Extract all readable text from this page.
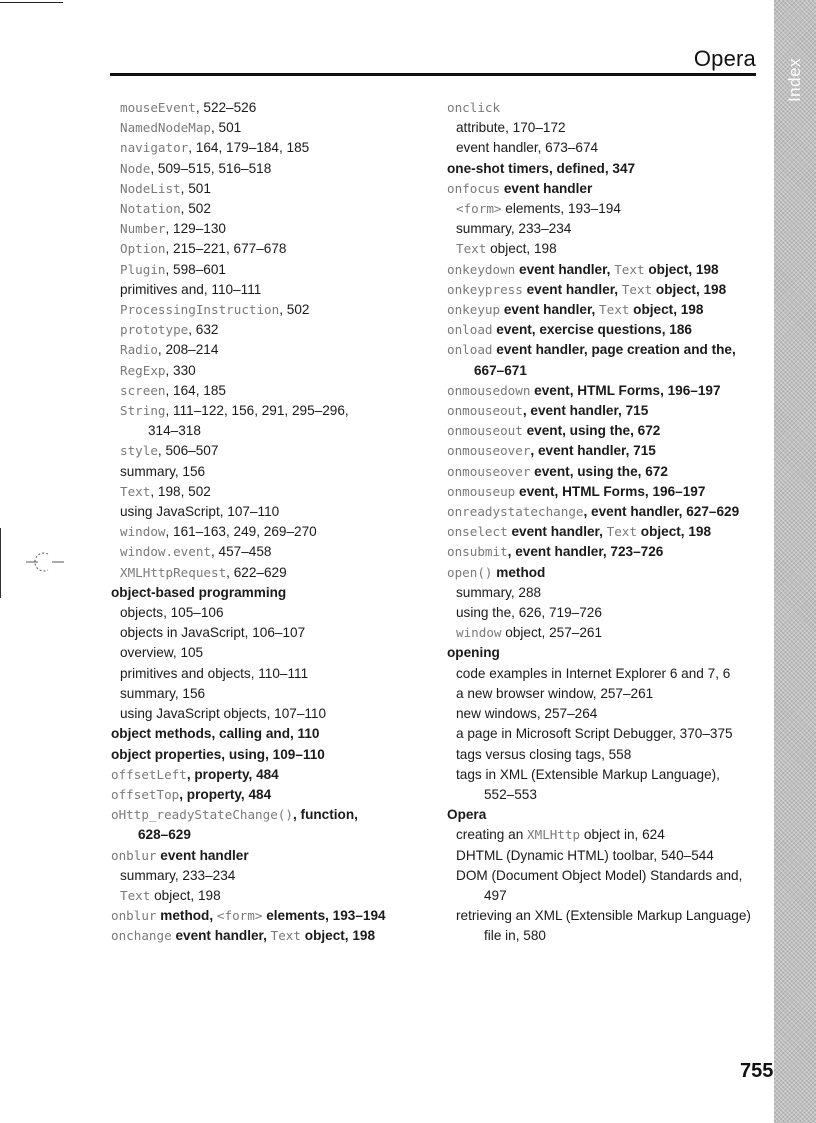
Index
Opera
mouseEvent, 522–526
NamedNodeMap, 501
navigator, 164, 179–184, 185
Node, 509–515, 516–518
NodeList, 501
Notation, 502
Number, 129–130
Option, 215–221, 677–678
Plugin, 598–601
primitives and, 110–111
ProcessingInstruction, 502
prototype, 632
Radio, 208–214
RegExp, 330
screen, 164, 185
String, 111–122, 156, 291, 295–296,
314–318
style, 506–507
summary, 156
Text, 198, 502
using JavaScript, 107–110
window, 161–163, 249, 269–270
window.event, 457–458
XMLHttpRequest, 622–629
object-based programming
objects, 105–106
objects in JavaScript, 106–107
overview, 105
primitives and objects, 110–111
summary, 156
using JavaScript objects, 107–110
object methods, calling and, 110
object properties, using, 109–110
offsetLeft, property, 484
offsetTop, property, 484
oHttp_readyStateChange(), function,
628–629
onblur event handler
summary, 233–234
Text object, 198
onblur method, <form> elements, 193–194
onchange event handler, Text object, 198
onclick
attribute, 170–172
event handler, 673–674
one-shot timers, defined, 347
onfocus event handler
<form> elements, 193–194
summary, 233–234
Text object, 198
onkeydown event handler, Text object, 198
onkeypress event handler, Text object, 198
onkeyup event handler, Text object, 198
onload event, exercise questions, 186
onload event handler, page creation and the,
667–671
onmousedown event, HTML Forms, 196–197
onmouseout, event handler, 715
onmouseout event, using the, 672
onmouseover, event handler, 715
onmouseover event, using the, 672
onmouseup event, HTML Forms, 196–197
onreadystatechange, event handler, 627–629
onselect event handler, Text object, 198
onsubmit, event handler, 723–726
open() method
summary, 288
using the, 626, 719–726
window object, 257–261
opening
code examples in Internet Explorer 6 and 7, 6
a new browser window, 257–261
new windows, 257–264
a page in Microsoft Script Debugger, 370–375
tags versus closing tags, 558
tags in XML (Extensible Markup Language),
552–553
Opera
creating an XMLHttp object in, 624
DHTML (Dynamic HTML) toolbar, 540–544
DOM (Document Object Model) Standards and,
497
retrieving an XML (Extensible Markup Language)
file in, 580
755
